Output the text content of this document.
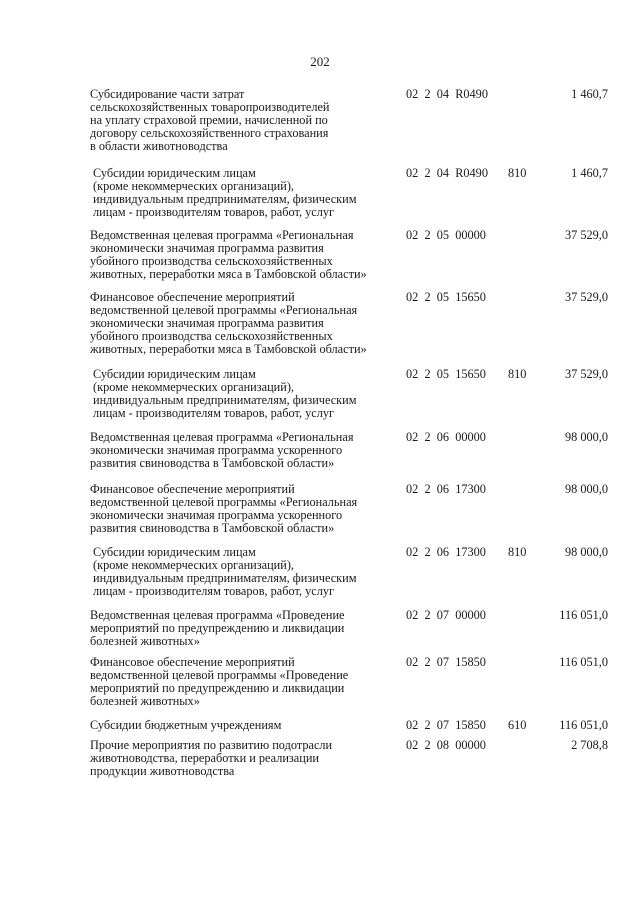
202
Субсидирование части затрат
сельскохозяйственных товаропроизводителей
на уплату страховой премии, начисленной по
договору сельскохозяйственного страхования
в области животноводства
02  2  04  R0490	1 460,7
Субсидии юридическим лицам
(кроме некоммерческих организаций),
индивидуальным предпринимателям, физическим
лицам - производителям товаров, работ, услуг
02  2  04  R0490 810	1 460,7
Ведомственная целевая программа «Региональная
экономически значимая программа развития
убойного производства сельскохозяйственных
животных, переработки мяса в Тамбовской области»
02  2  05  00000	37 529,0
Финансовое обеспечение мероприятий
ведомственной целевой программы «Региональная
экономически значимая программа развития
убойного производства сельскохозяйственных
животных, переработки мяса в Тамбовской области»
02  2  05  15650	37 529,0
Субсидии юридическим лицам
(кроме некоммерческих организаций),
индивидуальным предпринимателям, физическим
лицам - производителям товаров, работ, услуг
02  2  05  15650 810	37 529,0
Ведомственная целевая программа «Региональная
экономически значимая программа ускоренного
развития свиноводства в Тамбовской области»
02  2  06  00000	98 000,0
Финансовое обеспечение мероприятий
ведомственной целевой программы «Региональная
экономически значимая программа ускоренного
развития свиноводства в Тамбовской области»
02  2  06  17300	98 000,0
Субсидии юридическим лицам
(кроме некоммерческих организаций),
индивидуальным предпринимателям, физическим
лицам - производителям товаров, работ, услуг
02  2  06  17300 810	98 000,0
Ведомственная целевая программа «Проведение
мероприятий по предупреждению и ликвидации
болезней животных»
02  2  07  00000	116 051,0
Финансовое обеспечение мероприятий
ведомственной целевой программы «Проведение
мероприятий по предупреждению и ликвидации
болезней животных»
02  2  07  15850	116 051,0
Субсидии бюджетным учреждениям	02  2  07  15850 610	116 051,0
Прочие мероприятия по развитию подотрасли
животноводства, переработки и реализации
продукции животноводства
02  2  08  00000	2 708,8
